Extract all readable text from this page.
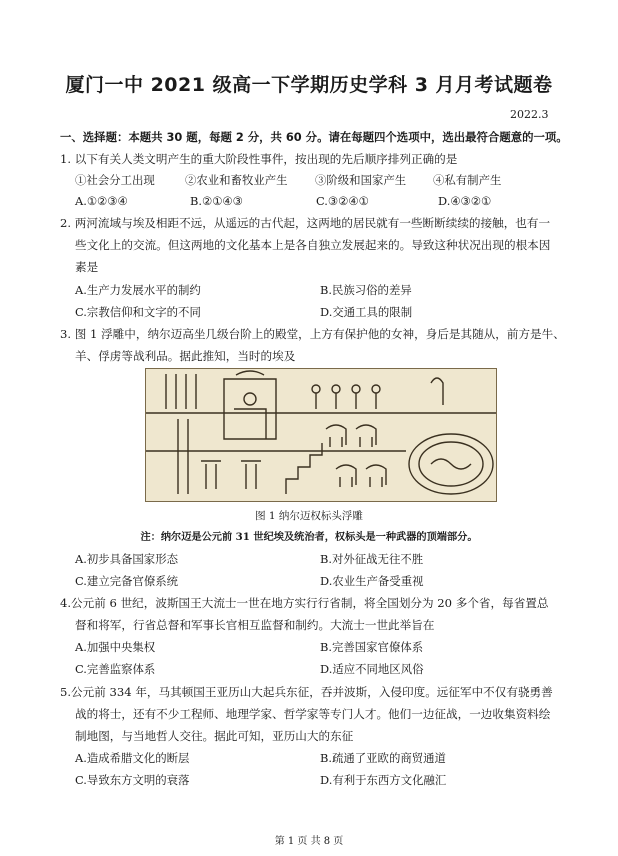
厦门一中 2021 级高一下学期历史学科 3 月月考试题卷
2022.3
一、选择题：本题共 30 题，每题 2 分，共 60 分。请在每题四个选项中，选出最符合题意的一项。
1. 以下有关人类文明产生的重大阶段性事件，按出现的先后顺序排列正确的是
①社会分工出现	②农业和畜牧业产生 ③阶级和国家产生 ④私有制产生
A.①②③④	B.②①④③	C.③②④①	D.④③②①
2. 两河流域与埃及相距不远，从遥远的古代起，这两地的居民就有一些断断续续的接触，也有一
些文化上的交流。但这两地的文化基本上是各自独立发展起来的。导致这种状况出现的根本因
素是
A.生产力发展水平的制约	B.民族习俗的差异
C.宗教信仰和文字的不同	D.交通工具的限制
3. 图 1 浮雕中，纳尔迈高坐几级台阶上的殿堂，上方有保护他的女神，身后是其随从，前方是牛、
羊、俘虏等战利品。据此推知，当时的埃及
图 1 纳尔迈权标头浮雕
注：纳尔迈是公元前 31 世纪埃及统治者，权标头是一种武器的顶端部分。
A.初步具备国家形态	B.对外征战无往不胜
C.建立完备官僚系统	D.农业生产备受重视
4.公元前 6 世纪，波斯国王大流士一世在地方实行行省制，将全国划分为 20 多个省，每省置总
督和将军，行省总督和军事长官相互监督和制约。大流士一世此举旨在
A.加强中央集权	B.完善国家官僚体系
C.完善监察体系	D.适应不同地区风俗
5.公元前 334 年，马其顿国王亚历山大起兵东征，吞并波斯，入侵印度。远征军中不仅有骁勇善
战的将士，还有不少工程师、地理学家、哲学家等专门人才。他们一边征战，一边收集资料绘
制地图，与当地哲人交往。据此可知，亚历山大的东征
A.造成希腊文化的断层	B.疏通了亚欧的商贸通道
C.导致东方文明的衰落	D.有利于东西方文化融汇
第 1 页 共 8 页
